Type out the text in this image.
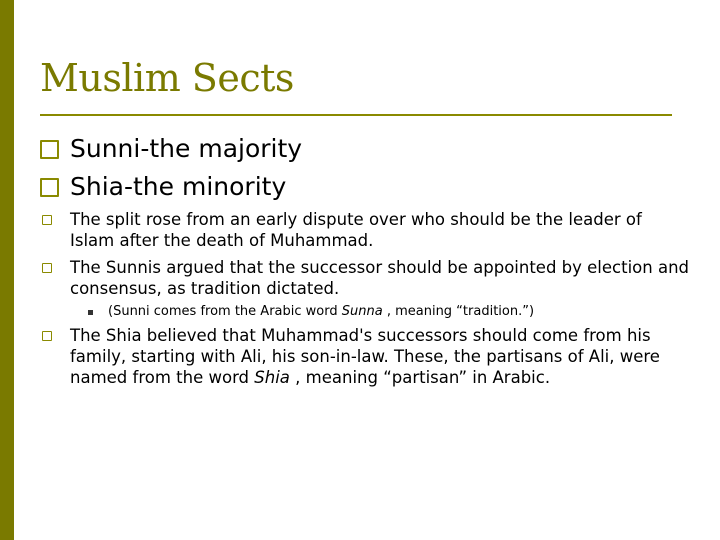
Muslim Sects
Sunni-the majority
Shia-the minority
The split rose from an early dispute over who should be the leader of Islam after the death of Muhammad.
The Sunnis argued that the successor should be appointed by election and consensus, as tradition dictated.
(Sunni comes from the Arabic word Sunna , meaning “tradition.”)
The Shia believed that Muhammad's successors should come from his family, starting with Ali, his son-in-law. These, the partisans of Ali, were named from the word Shia , meaning “partisan” in Arabic.
